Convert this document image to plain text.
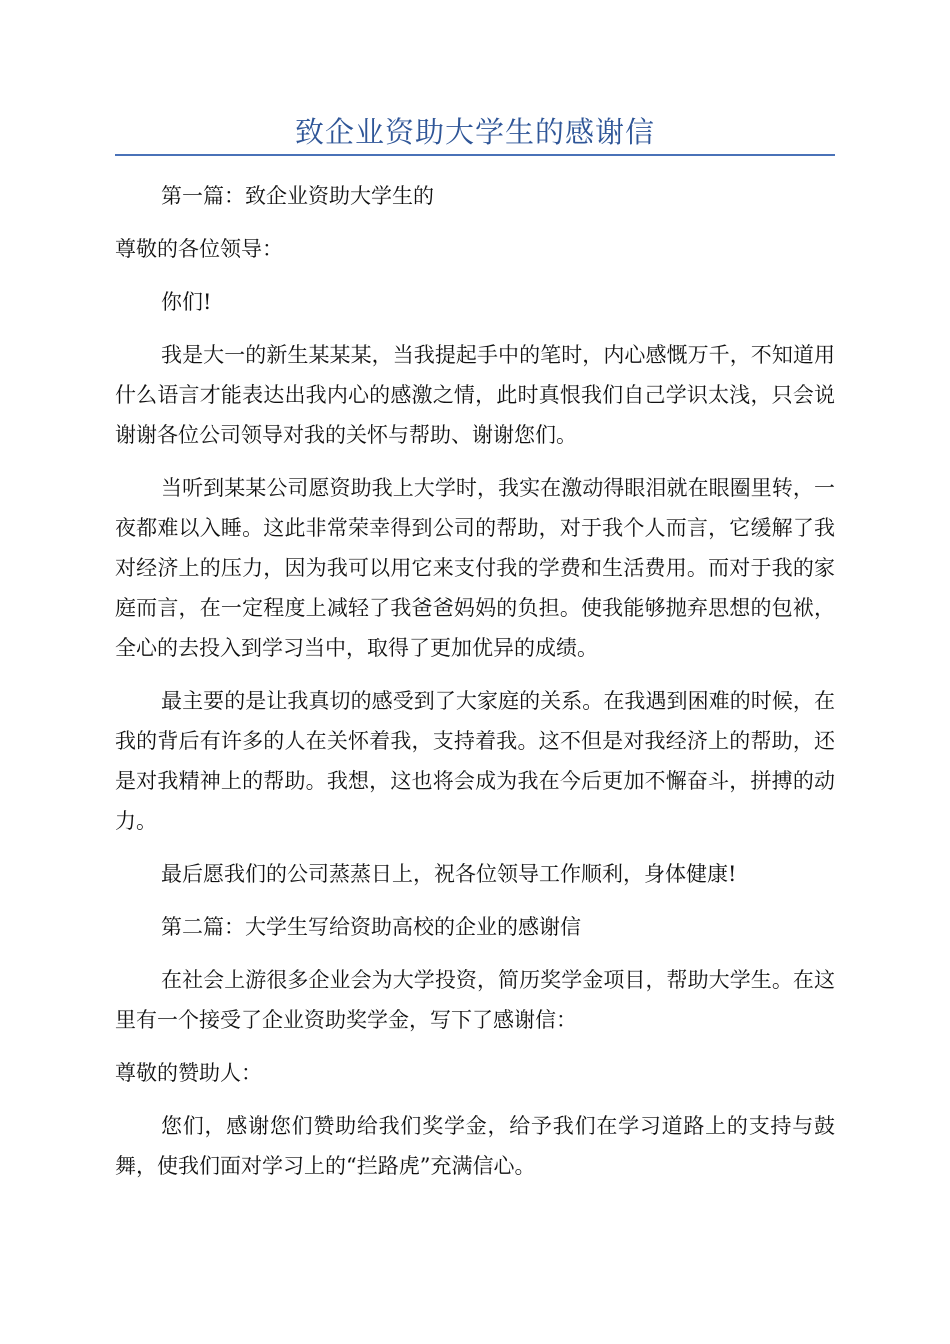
致企业资助大学生的感谢信

第一篇：致企业资助大学生的

尊敬的各位领导：

你们!

我是大一的新生某某某，当我提起手中的笔时，内心感慨万千，不知道用什么语言才能表达出我内心的感激之情，此时真恨我们自己学识太浅，只会说谢谢各位公司领导对我的关怀与帮助、谢谢您们。

当听到某某公司愿资助我上大学时，我实在激动得眼泪就在眼圈里转，一夜都难以入睡。这此非常荣幸得到公司的帮助，对于我个人而言，它缓解了我对经济上的压力，因为我可以用它来支付我的学费和生活费用。而对于我的家庭而言，在一定程度上减轻了我爸爸妈妈的负担。使我能够抛弃思想的包袱，全心的去投入到学习当中，取得了更加优异的成绩。

最主要的是让我真切的感受到了大家庭的关系。在我遇到困难的时候，在我的背后有许多的人在关怀着我，支持着我。这不但是对我经济上的帮助，还是对我精神上的帮助。我想，这也将会成为我在今后更加不懈奋斗，拼搏的动力。

最后愿我们的公司蒸蒸日上，祝各位领导工作顺利，身体健康!

第二篇：大学生写给资助高校的企业的感谢信

在社会上游很多企业会为大学投资，简历奖学金项目，帮助大学生。在这里有一个接受了企业资助奖学金，写下了感谢信：

尊敬的赞助人：

您们，感谢您们赞助给我们奖学金，给予我们在学习道路上的支持与鼓舞，使我们面对学习上的“拦路虎”充满信心。
